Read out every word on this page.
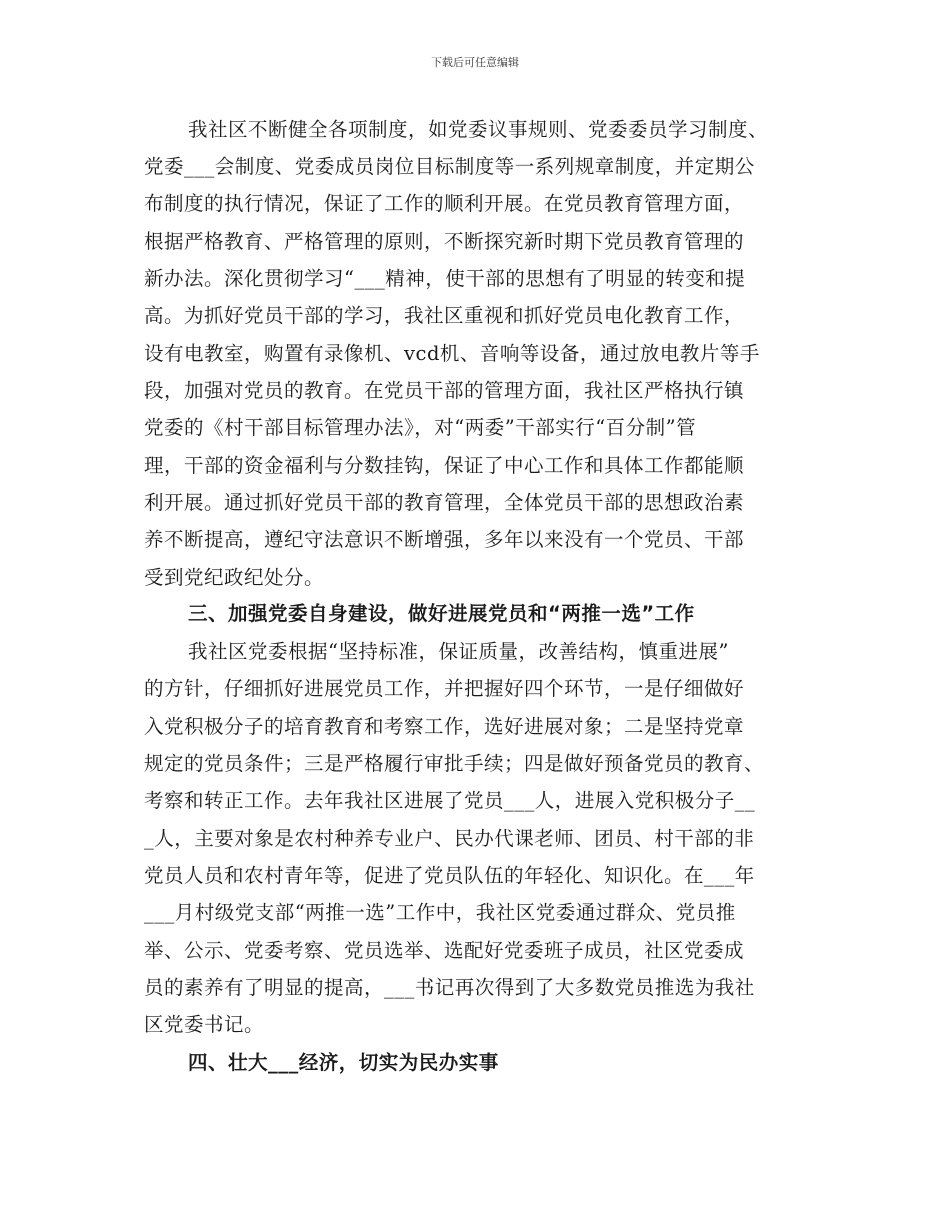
下载后可任意编辑
我社区不断健全各项制度，如党委议事规则、党委委员学习制度、
党委___会制度、党委成员岗位目标制度等一系列规章制度，并定期公
布制度的执行情况，保证了工作的顺利开展。在党员教育管理方面，
根据严格教育、严格管理的原则，不断探究新时期下党员教育管理的
新办法。深化贯彻学习“___精神，使干部的思想有了明显的转变和提
高。为抓好党员干部的学习，我社区重视和抓好党员电化教育工作，
设有电教室，购置有录像机、vcd机、音响等设备，通过放电教片等手
段，加强对党员的教育。在党员干部的管理方面，我社区严格执行镇
党委的《村干部目标管理办法》，对“两委”干部实行“百分制”管
理，干部的资金福利与分数挂钩，保证了中心工作和具体工作都能顺
利开展。通过抓好党员干部的教育管理，全体党员干部的思想政治素
养不断提高，遵纪守法意识不断增强，多年以来没有一个党员、干部
受到党纪政纪处分。
三、加强党委自身建设，做好进展党员和“两推一选”工作
我社区党委根据“坚持标准，保证质量，改善结构，慎重进展”
的方针，仔细抓好进展党员工作，并把握好四个环节，一是仔细做好
入党积极分子的培育教育和考察工作，选好进展对象；二是坚持党章
规定的党员条件；三是严格履行审批手续；四是做好预备党员的教育、
考察和转正工作。去年我社区进展了党员___人，进展入党积极分子__
_人，主要对象是农村种养专业户、民办代课老师、团员、村干部的非
党员人员和农村青年等，促进了党员队伍的年轻化、知识化。在___年
___月村级党支部“两推一选”工作中，我社区党委通过群众、党员推
举、公示、党委考察、党员选举、选配好党委班子成员，社区党委成
员的素养有了明显的提高，___书记再次得到了大多数党员推选为我社
区党委书记。
四、壮大___经济，切实为民办实事
